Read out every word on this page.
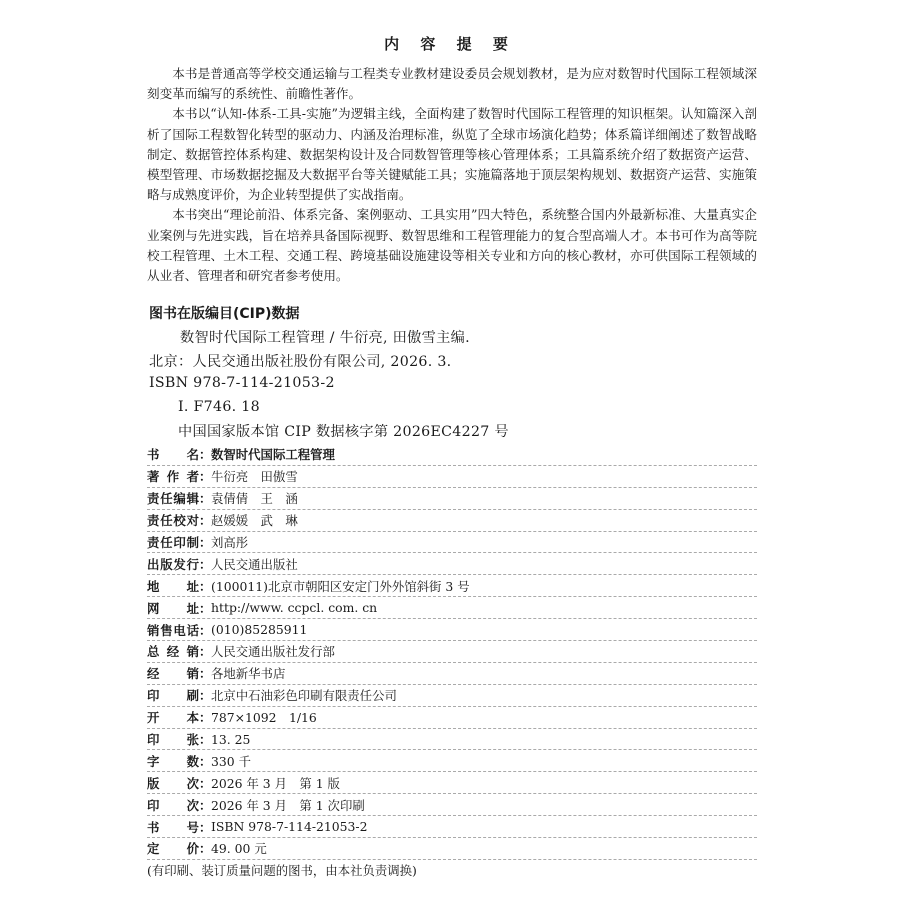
内 容 提 要

本书是普通高等学校交通运输与工程类专业教材建设委员会规划教材，是为应对数智时代国际工程领域深刻变革而编写的系统性、前瞻性著作。

本书以“认知-体系-工具-实施”为逻辑主线，全面构建了数智时代国际工程管理的知识框架。认知篇深入剖析了国际工程数智化转型的驱动力、内涵及治理标准，纵览了全球市场演化趋势；体系篇详细阐述了数智战略制定、数据管控体系构建、数据架构设计及合同数智管理等核心管理体系；工具篇系统介绍了数据资产运营、模型管理、市场数据挖掘及大数据平台等关键赋能工具；实施篇落地于顶层架构规划、数据资产运营、实施策略与成熟度评价，为企业转型提供了实战指南。

本书突出“理论前沿、体系完备、案例驱动、工具实用”四大特色，系统整合国内外最新标准、大量真实企业案例与先进实践，旨在培养具备国际视野、数智思维和工程管理能力的复合型高端人才。本书可作为高等院校工程管理、土木工程、交通工程、跨境基础设施建设等相关专业和方向的核心教材，亦可供国际工程领域的从业者、管理者和研究者参考使用。

图书在版编目(CIP)数据
数智时代国际工程管理 / 牛衍亮, 田傲雪主编.
北京：人民交通出版社股份有限公司, 2026. 3.
ISBN 978-7-114-21053-2
Ⅰ. F746. 18
中国国家版本馆 CIP 数据核字第 2026EC4227 号
书 名 ： 数智时代国际工程管理
著 作 者 ： 牛衍亮　田傲雪
责 任 编 辑 ： 袁倩倩　王　涵
责 任 校 对 ： 赵媛媛　武　琳
责 任 印 制 ： 刘高彤
出 版 发 行 ： 人民交通出版社
地 址 ： (100011)北京市朝阳区安定门外外馆斜街 3 号
网 址 ： http://www. ccpcl. com. cn
销 售 电 话 ： (010)85285911
总 经 销 ： 人民交通出版社发行部
经 销 ： 各地新华书店
印 刷 ： 北京中石油彩色印刷有限责任公司
开 本 ： 787×1092　1/16
印 张 ： 13. 25
字 数 ： 330 千
版 次 ： 2026 年 3 月　第 1 版
印 次 ： 2026 年 3 月　第 1 次印刷
书 号 ： ISBN 978-7-114-21053-2
定 价 ： 49. 00 元
(有印刷、装订质量问题的图书，由本社负责调换)
